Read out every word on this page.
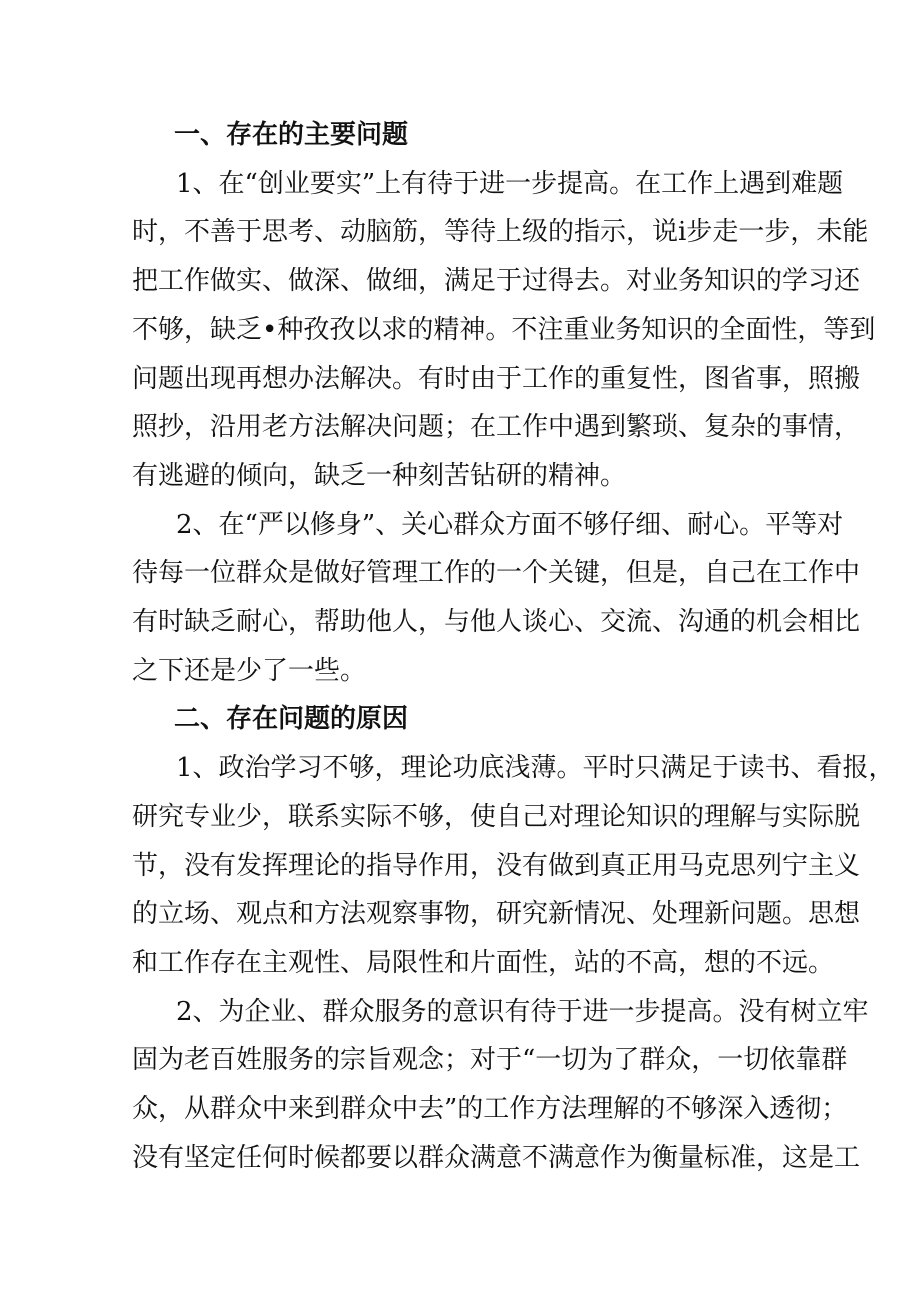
一、存在的主要问题
1、在“创业要实”上有待于进一步提高。在工作上遇到难题
时，不善于思考、动脑筋，等待上级的指示，说i步走一步，未能
把工作做实、做深、做细，满足于过得去。对业务知识的学习还
不够，缺乏•种孜孜以求的精神。不注重业务知识的全面性，等到
问题出现再想办法解决。有时由于工作的重复性，图省事，照搬
照抄，沿用老方法解决问题；在工作中遇到繁琐、复杂的事情，
有逃避的倾向，缺乏一种刻苦钻研的精神。
2、在“严以修身”、关心群众方面不够仔细、耐心。平等对
待每一位群众是做好管理工作的一个关键，但是，自己在工作中
有时缺乏耐心，帮助他人，与他人谈心、交流、沟通的机会相比
之下还是少了一些。
二、存在问题的原因
1、政治学习不够，理论功底浅薄。平时只满足于读书、看报，
研究专业少，联系实际不够，使自己对理论知识的理解与实际脱
节，没有发挥理论的指导作用，没有做到真正用马克思列宁主义
的立场、观点和方法观察事物，研究新情况、处理新问题。思想
和工作存在主观性、局限性和片面性，站的不高，想的不远。
2、为企业、群众服务的意识有待于进一步提高。没有树立牢
固为老百姓服务的宗旨观念；对于“一切为了群众，一切依靠群
众，从群众中来到群众中去”的工作方法理解的不够深入透彻；
没有坚定任何时候都要以群众满意不满意作为衡量标准，这是工
